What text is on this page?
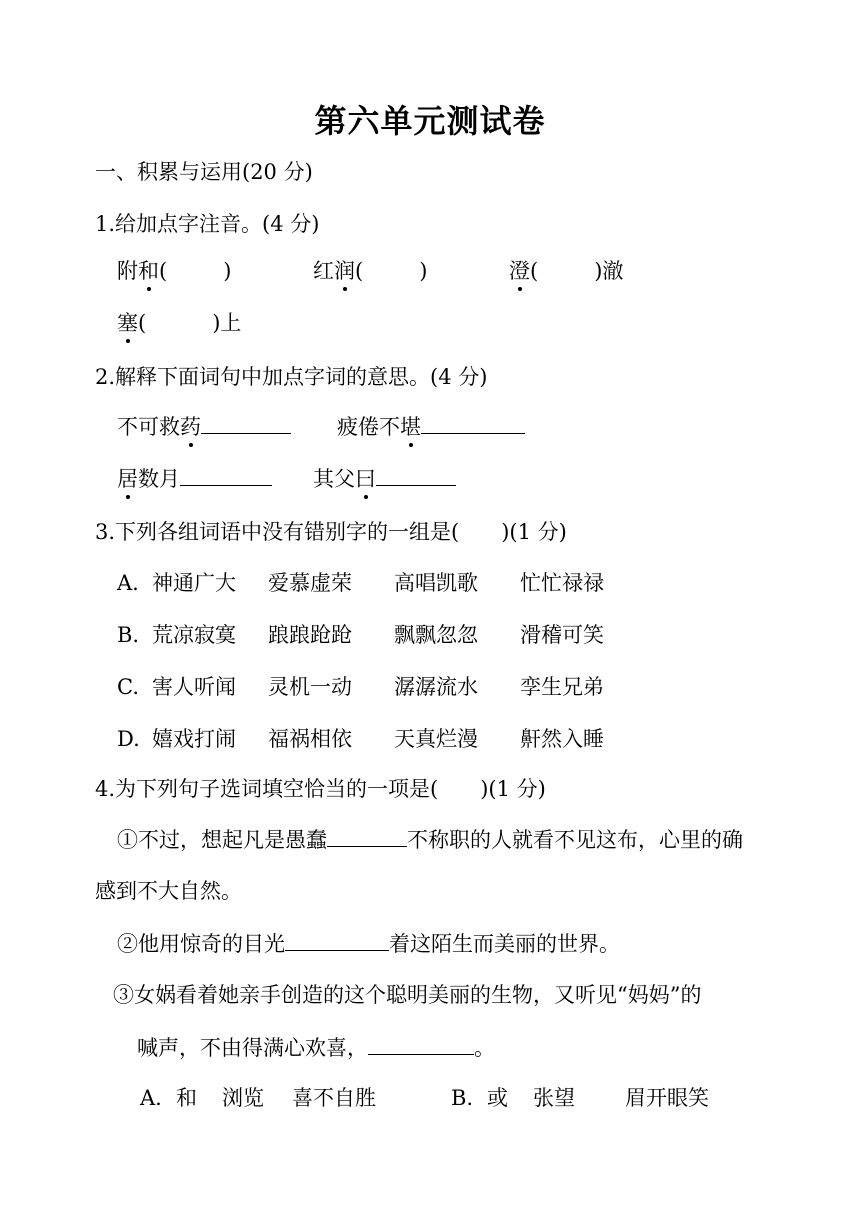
第六单元测试卷
一、积累与运用(20 分)
1.给加点字注音。(4 分)
附和(	)	红润(	)	澄(	)澈
塞(	)上
2.解释下面词句中加点字词的意思。(4 分)
不可救药	疲倦不堪
居数月	其父曰
3.下列各组词语中没有错别字的一组是(　　)(1 分)
A. 神通广大 爱慕虚荣 高唱凯歌 忙忙禄禄
B. 荒凉寂寞 踉踉跄跄 飘飘忽忽 滑稽可笑
C. 害人听闻 灵机一动 潺潺流水 孪生兄弟
D. 嬉戏打闹 福祸相依 天真烂漫 鼾然入睡
4.为下列句子选词填空恰当的一项是(　　)(1 分)
①不过，想起凡是愚蠢	不称职的人就看不见这布，心里的确
感到不大自然。
②他用惊奇的目光	着这陌生而美丽的世界。
③女娲看着她亲手创造的这个聪明美丽的生物，又听见“妈妈”的
喊声，不由得满心欢喜，	。
A. 和 浏览 喜不自胜	B. 或 张望 眉开眼笑
